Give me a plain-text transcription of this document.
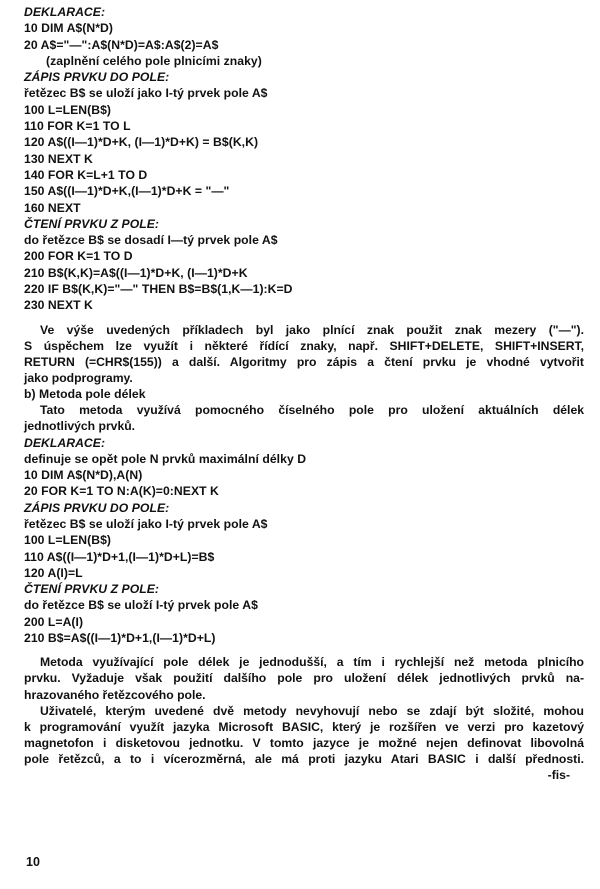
DEKLARACE:
10 DIM A$(N*D)
20 A$="—":A$(N*D)=A$:A$(2)=A$
(zaplnění celého pole plnicími znaky)
ZÁPIS PRVKU DO POLE:
řetězec B$ se uloží jako I-tý prvek pole A$
100 L=LEN(B$)
110 FOR K=1 TO L
120 A$((I—1)*D+K, (I—1)*D+K) = B$(K,K)
130 NEXT K
140 FOR K=L+1 TO D
150 A$((I—1)*D+K,(I—1)*D+K = "—"
160 NEXT
ČTENÍ PRVKU Z POLE:
do řetězce B$ se dosadí I—tý prvek pole A$
200 FOR K=1 TO D
210 B$(K,K)=A$((I—1)*D+K, (I—1)*D+K
220 IF B$(K,K)="—" THEN B$=B$(1,K—1):K=D
230 NEXT K
Ve výše uvedených příkladech byl jako plnící znak použit znak mezery ("—").
S úspěchem lze využít i některé řídící znaky, např. SHIFT+DELETE, SHIFT+INSERT,
RETURN (=CHR$(155)) a další. Algoritmy pro zápis a čtení prvku je vhodné vytvořit
jako podprogramy.
b) Metoda pole délek
Tato metoda využívá pomocného číselného pole pro uložení aktuálních délek
jednotlivých prvků.
DEKLARACE:
definuje se opět pole N prvků maximální délky D
10 DIM A$(N*D),A(N)
20 FOR K=1 TO N:A(K)=0:NEXT K
ZÁPIS PRVKU DO POLE:
řetězec B$ se uloží jako I-tý prvek pole A$
100 L=LEN(B$)
110 A$((I—1)*D+1,(I—1)*D+L)=B$
120 A(I)=L
ČTENÍ PRVKU Z POLE:
do řetězce B$ se uloží I-tý prvek pole A$
200 L=A(I)
210 B$=A$((I—1)*D+1,(I—1)*D+L)
Metoda využívající pole délek je jednodušší, a tím i rychlejší než metoda plnicího
prvku. Vyžaduje však použití dalšího pole pro uložení délek jednotlivých prvků na-
hrazovaného řetězcového pole.
Uživatelé, kterým uvedené dvě metody nevyhovují nebo se zdají být složité, mohou
k programování využít jazyka Microsoft BASIC, který je rozšířen ve verzi pro kazetový
magnetofon i disketovou jednotku. V tomto jazyce je možné nejen definovat libovolná
pole řetězců, a to i vícerozměrná, ale má proti jazyku Atari BASIC i další přednosti.
-fis-
10
